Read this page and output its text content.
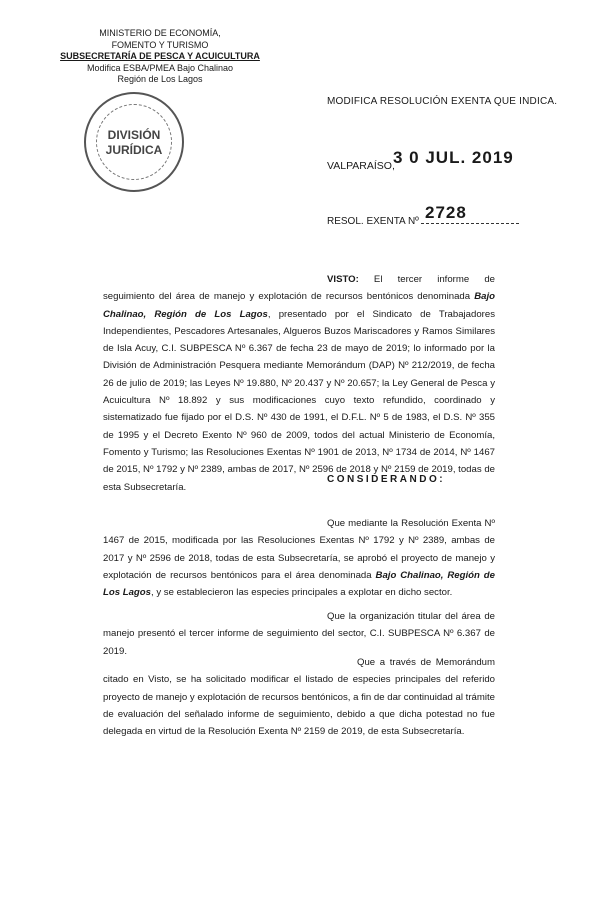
MINISTERIO DE ECONOMÍA,
FOMENTO Y TURISMO
SUBSECRETARÍA DE PESCA Y ACUICULTURA
Modifica ESBA/PMEA Bajo Chalinao
Región de Los Lagos
DIVISIÓN
JURÍDICA
MODIFICA RESOLUCIÓN EXENTA QUE INDICA.
VALPARAÍSO,
3 0 JUL. 2019
RESOL. EXENTA Nº 2728
VISTO: El tercer informe de seguimiento del área de manejo y explotación de recursos bentónicos denominada Bajo Chalinao, Región de Los Lagos, presentado por el Sindicato de Trabajadores Independientes, Pescadores Artesanales, Algueros Buzos Mariscadores y Ramos Similares de Isla Acuy, C.I. SUBPESCA Nº 6.367 de fecha 23 de mayo de 2019; lo informado por la División de Administración Pesquera mediante Memorándum (DAP) Nº 212/2019, de fecha 26 de julio de 2019; las Leyes Nº 19.880, Nº 20.437 y Nº 20.657; la Ley General de Pesca y Acuicultura Nº 18.892 y sus modificaciones cuyo texto refundido, coordinado y sistematizado fue fijado por el D.S. Nº 430 de 1991, el D.F.L. Nº 5 de 1983, el D.S. Nº 355 de 1995 y el Decreto Exento Nº 960 de 2009, todos del actual Ministerio de Economía, Fomento y Turismo; las Resoluciones Exentas Nº 1901 de 2013, Nº 1734 de 2014, Nº 1467 de 2015, Nº 1792 y Nº 2389, ambas de 2017, Nº 2596 de 2018 y Nº 2159 de 2019, todas de esta Subsecretaría.
CONSIDERANDO:
Que mediante la Resolución Exenta Nº 1467 de 2015, modificada por las Resoluciones Exentas Nº 1792 y Nº 2389, ambas de 2017 y Nº 2596 de 2018, todas de esta Subsecretaría, se aprobó el proyecto de manejo y explotación de recursos bentónicos para el área denominada Bajo Chalinao, Región de Los Lagos, y se establecieron las especies principales a explotar en dicho sector.
Que la organización titular del área de manejo presentó el tercer informe de seguimiento del sector, C.I. SUBPESCA Nº 6.367 de 2019.
Que a través de Memorándum citado en Visto, se ha solicitado modificar el listado de especies principales del referido proyecto de manejo y explotación de recursos bentónicos, a fin de dar continuidad al trámite de evaluación del señalado informe de seguimiento, debido a que dicha potestad no fue delegada en virtud de la Resolución Exenta Nº 2159 de 2019, de esta Subsecretaría.
